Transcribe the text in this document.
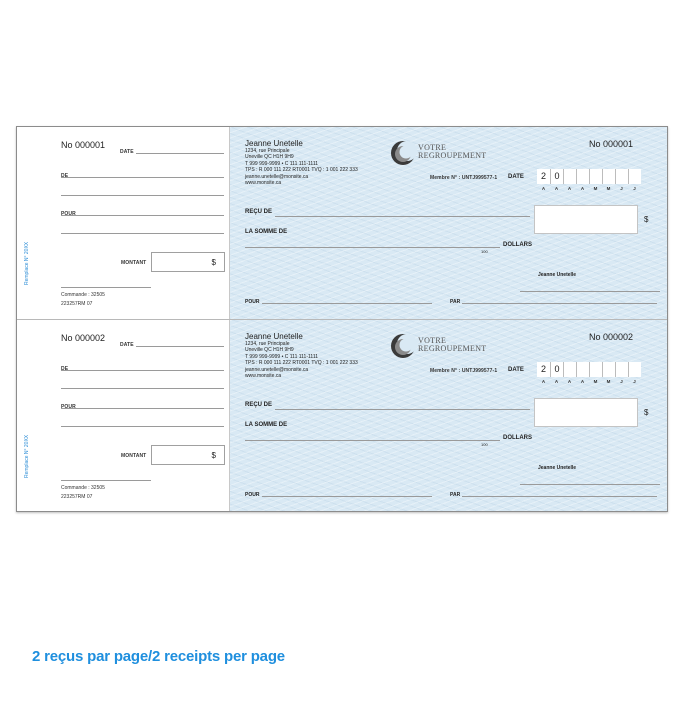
No 000001
DATE
DE
POUR
MONTANT	$
Commande : 32505
223257RM 07
Remplace N° 20XX
Jeanne Unetelle
1234, rue Principale
Uneville QC H1H 9H9
T 999 999-9999 • C 111 111-1111
TPS : R 000 111 222 RT0001 TVQ : 1 001 222 333
jeanne.unetelle@monsite.ca
www.monsite.ca
VOTRE
REGROUPEMENT
No 000001
Membre N° : UNTJ999577-1 DATE	2 0
A	A	A	A	M	M	J	J
REÇU DE
$
LA SOMME DE
100
DOLLARS
Jeanne Unetelle
POUR	PAR
No 000002
DATE
DE
POUR
MONTANT	$
Commande : 32505
223257RM 07
Remplace N° 20XX
Jeanne Unetelle
1234, rue Principale
Uneville QC H1H 9H9
T 999 999-9999 • C 111 111-1111
TPS : R 000 111 222 RT0001 TVQ : 1 001 222 333
jeanne.unetelle@monsite.ca
www.monsite.ca
VOTRE
REGROUPEMENT
No 000002
Membre N° : UNTJ999577-1 DATE	2 0
A	A	A	A	M	M	J	J
REÇU DE
$
LA SOMME DE
100
DOLLARS
Jeanne Unetelle
POUR	PAR
2 reçus par page/2 receipts per page
